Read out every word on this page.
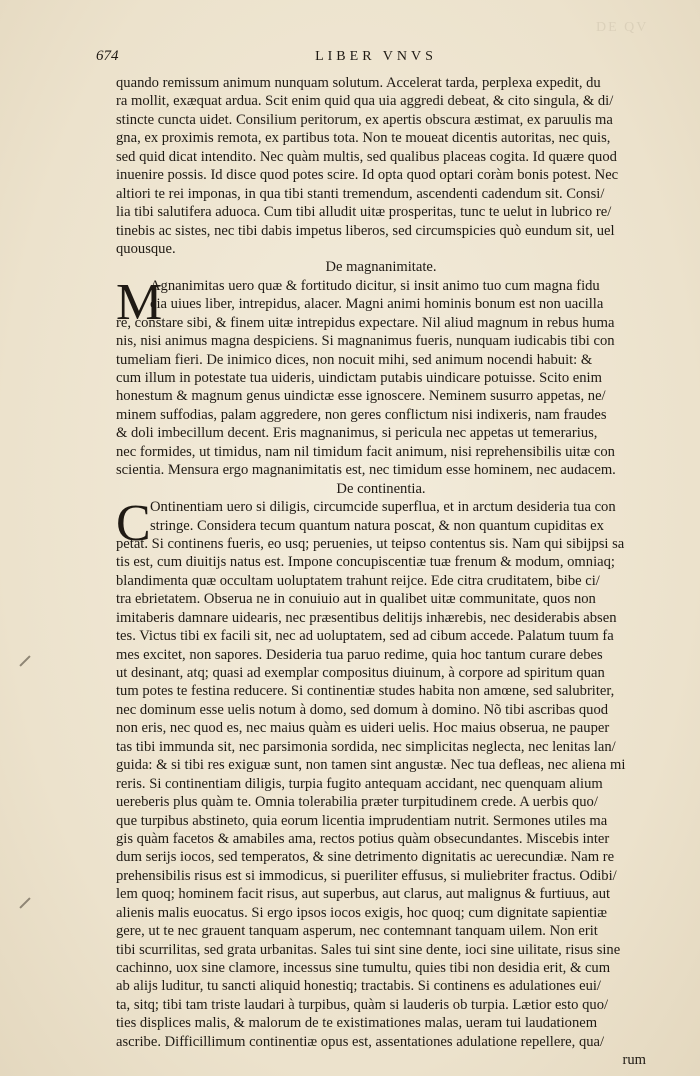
DE QV
674	LIBER VNVS
quando remissum animum nunquam solutum. Accelerat tarda, perplexa expedit, du
ra mollit, exæquat ardua. Scit enim quid qua uia aggredi debeat, & cito singula, & di/
stincte cuncta uidet. Consilium peritorum, ex apertis obscura æstimat, ex paruulis ma
gna, ex proximis remota, ex partibus tota. Non te moueat dicentis autoritas, nec quis,
sed quid dicat intendito. Nec quàm multis, sed qualibus placeas cogita. Id quære quod
inuenire possis. Id disce quod potes scire. Id opta quod optari coràm bonis potest. Nec
altiori te rei imponas, in qua tibi stanti tremendum, ascendenti cadendum sit. Consi/
lia tibi salutifera aduoca. Cum tibi alludit uitæ prosperitas, tunc te uelut in lubrico re/
tinebis ac sistes, nec tibi dabis impetus liberos, sed circumspicies quò eundum sit, uel
quousque.
De magnanimitate.
M
Agnanimitas uero quæ & fortitudo dicitur, si insit animo tuo cum magna fidu
cia uiues liber, intrepidus, alacer. Magni animi hominis bonum est non uacilla
re, constare sibi, & finem uitæ intrepidus expectare. Nil aliud magnum in rebus huma
nis, nisi animus magna despiciens. Si magnanimus fueris, nunquam iudicabis tibi con
tumeliam fieri. De inimico dices, non nocuit mihi, sed animum nocendi habuit: &
cum illum in potestate tua uideris, uindictam putabis uindicare potuisse. Scito enim
honestum & magnum genus uindictæ esse ignoscere. Neminem susurro appetas, ne/
minem suffodias, palam aggredere, non geres conflictum nisi indixeris, nam fraudes
& doli imbecillum decent. Eris magnanimus, si pericula nec appetas ut temerarius,
nec formides, ut timidus, nam nil timidum facit animum, nisi reprehensibilis uitæ con
scientia. Mensura ergo magnanimitatis est, nec timidum esse hominem, nec audacem.
De continentia.
C Ontinentiam uero si diligis, circumcide superflua, et in arctum desideria tua con
stringe. Considera tecum quantum natura poscat, & non quantum cupiditas ex
petat. Si continens fueris, eo usq; peruenies, ut teipso contentus sis. Nam qui sibijpsi sa
tis est, cum diuitijs natus est. Impone concupiscentiæ tuæ frenum & modum, omniaq;
blandimenta quæ occultam uoluptatem trahunt reijce. Ede citra cruditatem, bibe ci/
tra ebrietatem. Obserua ne in conuiuio aut in qualibet uitæ communitate, quos non
imitaberis damnare uidearis, nec præsentibus delitijs inhærebis, nec desiderabis absen
tes. Victus tibi ex facili sit, nec ad uoluptatem, sed ad cibum accede. Palatum tuum fa
mes excitet, non sapores. Desideria tua paruo redime, quia hoc tantum curare debes
ut desinant, atq; quasi ad exemplar compositus diuinum, à corpore ad spiritum quan
tum potes te festina reducere. Si continentiæ studes habita non amœne, sed salubriter,
nec dominum esse uelis notum à domo, sed domum à domino. Nõ tibi ascribas quod
non eris, nec quod es, nec maius quàm es uideri uelis. Hoc maius obserua, ne pauper
tas tibi immunda sit, nec parsimonia sordida, nec simplicitas neglecta, nec lenitas lan/
guida: & si tibi res exiguæ sunt, non tamen sint angustæ. Nec tua defleas, nec aliena mi
reris. Si continentiam diligis, turpia fugito antequam accidant, nec quenquam alium
uereberis plus quàm te. Omnia tolerabilia præter turpitudinem crede. A uerbis quo/
que turpibus abstineto, quia eorum licentia imprudentiam nutrit. Sermones utiles ma
gis quàm facetos & amabiles ama, rectos potius quàm obsecundantes. Miscebis inter
dum serijs iocos, sed temperatos, & sine detrimento dignitatis ac uerecundiæ. Nam re
prehensibilis risus est si immodicus, si pueriliter effusus, si muliebriter fractus. Odibi/
lem quoq; hominem facit risus, aut superbus, aut clarus, aut malignus & furtiuus, aut
alienis malis euocatus. Si ergo ipsos iocos exigis, hoc quoq; cum dignitate sapientiæ
gere, ut te nec grauent tanquam asperum, nec contemnant tanquam uilem. Non erit
tibi scurrilitas, sed grata urbanitas. Sales tui sint sine dente, ioci sine uilitate, risus sine
cachinno, uox sine clamore, incessus sine tumultu, quies tibi non desidia erit, & cum
ab alijs luditur, tu sancti aliquid honestiq; tractabis. Si continens es adulationes eui/
ta, sitq; tibi tam triste laudari à turpibus, quàm si lauderis ob turpia. Lætior esto quo/
ties displices malis, & malorum de te existimationes malas, ueram tui laudationem
ascribe. Difficillimum continentiæ opus est, assentationes adulatione repellere, qua/
rum
